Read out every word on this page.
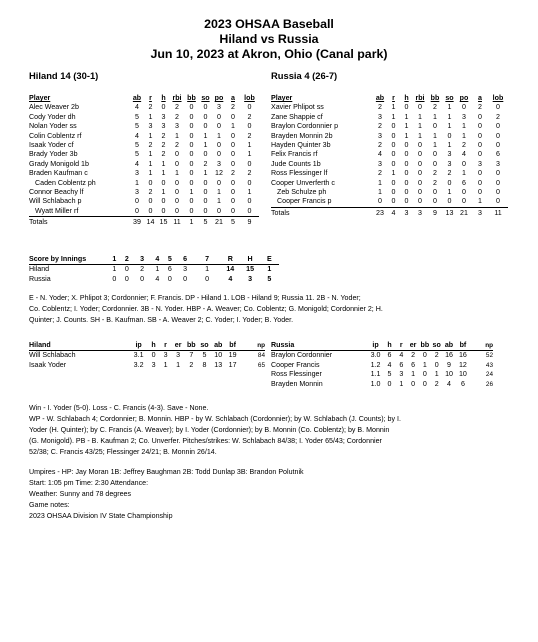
2023 OHSAA Baseball
Hiland vs Russia
Jun 10, 2023 at Akron, Ohio (Canal park)
Hiland 14 (30-1)	Russia 4 (26-7)
Player	ab	r	h	rbi	bb	so	po	a	lob
Alec Weaver 2b	4	2	0	2	0	0	3	2	0
Cody Yoder dh	5	1	3	2	0	0	0	0	2
Nolan Yoder ss	5	3	3	3	0	0	0	1	0
Colin Coblentz rf	4	1	2	1	0	1	1	0	2
Isaak Yoder cf	5	2	2	2	0	1	0	0	1
Brady Yoder 3b	5	1	2	0	0	0	0	0	1
Grady Monigold 1b	4	1	1	0	0	2	3	0	0
Braden Kaufman c	3	1	1	1	0	1	12	2	2
Caden Coblentz ph	1	0	0	0	0	0	0	0	0
Connor Beachy lf	3	2	1	0	1	0	1	0	1
Will Schlabach p	0	0	0	0	0	0	1	0	0
Wyatt Miller rf	0	0	0	0	0	0	0	0	0
Totals	39	14	15	11	1	5	21	5	9
Player	ab	r	h	rbi	bb	so	po	a	lob
Xavier Phlipot ss	2	1	0	0	2	1	0	2	0
Zane Shappie cf	3	1	1	1	1	1	3	0	2
Braylon Cordonnier p	2	0	1	1	0	1	1	0	0
Brayden Monnin 2b	3	0	1	1	1	0	1	0	0
Hayden Quinter 3b	2	0	0	0	1	1	2	0	0
Felix Francis rf	4	0	0	0	0	3	4	0	6
Jude Counts 1b	3	0	0	0	0	3	0	3	3
Ross Flessinger lf	2	1	0	0	2	2	1	0	0
Cooper Unverferth c	1	0	0	0	2	0	6	0	0
Zeb Schulze ph	1	0	0	0	0	1	0	0	0
Cooper Francis p	0	0	0	0	0	0	0	1	0
Totals	23	4	3	3	9	13	21	3	11
Score by Innings	1	2	3	4	5	6	7	R	H	E
Hiland	1	0	2	1	6	3	1	14	15	1
Russia	0	0	0	4	0	0	0	4	3	5
E - N. Yoder; X. Phlipot 3; Cordonnier; F. Francis. DP - Hiland 1. LOB - Hiland 9; Russia 11. 2B - N. Yoder;
Co. Coblentz; I. Yoder; Cordonnier. 3B - N. Yoder. HBP - A. Weaver; Co. Coblentz; G. Monigold; Cordonnier 2; H.
Quinter; J. Counts. SH - B. Kaufman. SB - A. Weaver 2; C. Yoder; I. Yoder; B. Yoder.
Hiland	ip	h	r	er	bb	so	ab	bf	np
Will Schlabach	3.1	0	3	3	7	5	10	19	84
Isaak Yoder	3.2	3	1	1	2	8	13	17	65
Russia	ip	h	r	er	bb	so	ab	bf	np
Braylon Cordonnier	3.0	6	4	2	0	2	16	16	52
Cooper Francis	1.2	4	6	6	1	0	9	12	43
Ross Flessinger	1.1	5	3	1	0	1	10	10	24
Brayden Monnin	1.0	0	1	0	0	2	4	6	26
Win - I. Yoder (5-0). Loss - C. Francis (4-3). Save - None.
WP - W. Schlabach 4; Cordonnier; B. Monnin. HBP - by W. Schlabach (Cordonnier); by W. Schlabach (J. Counts); by I.
Yoder (H. Quinter); by C. Francis (A. Weaver); by I. Yoder (Cordonnier); by B. Monnin (Co. Coblentz); by B. Monnin
(G. Monigold). PB - B. Kaufman 2; Co. Unverfer. Pitches/strikes: W. Schlabach 84/38; I. Yoder 65/43; Cordonnier
52/38; C. Francis 43/25; Flessinger 24/21; B. Monnin 26/14.
Umpires - HP: Jay Moran 1B: Jeffrey Baughman 2B: Todd Dunlap 3B: Brandon Polutnik
Start: 1:05 pm Time: 2:30 Attendance:
Weather: Sunny and 78 degrees
Game notes:
2023 OHSAA Division IV State Championship
